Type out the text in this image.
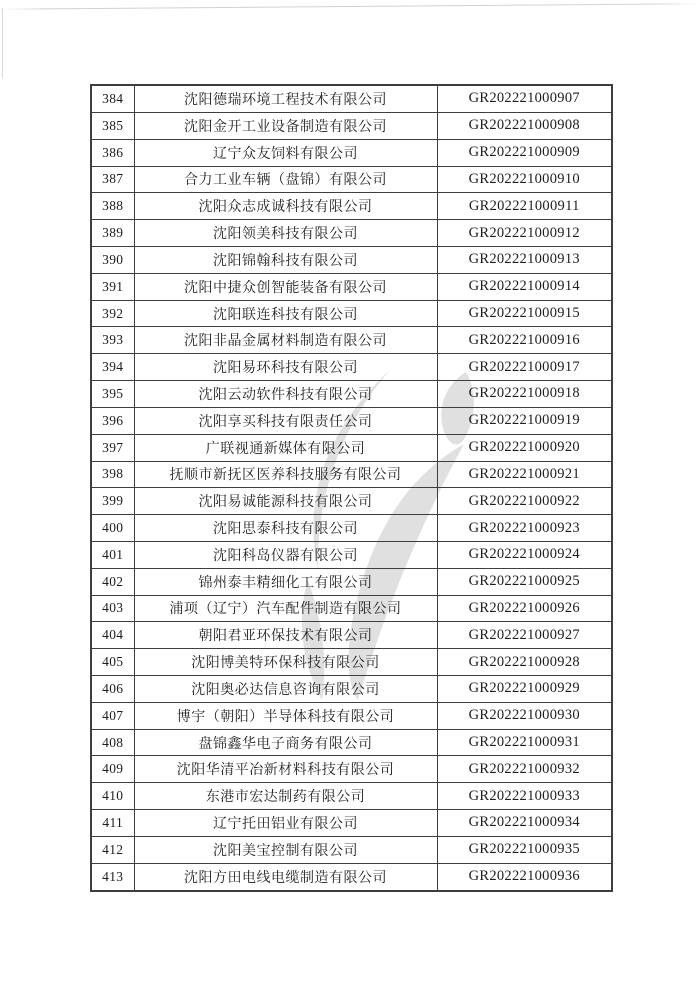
384	沈阳德瑞环境工程技术有限公司	GR202221000907
385	沈阳金开工业设备制造有限公司	GR202221000908
386	辽宁众友饲料有限公司	GR202221000909
387	合力工业车辆（盘锦）有限公司	GR202221000910
388	沈阳众志成诚科技有限公司	GR202221000911
389	沈阳领美科技有限公司	GR202221000912
390	沈阳锦翰科技有限公司	GR202221000913
391	沈阳中捷众创智能装备有限公司	GR202221000914
392	沈阳联连科技有限公司	GR202221000915
393	沈阳非晶金属材料制造有限公司	GR202221000916
394	沈阳易环科技有限公司	GR202221000917
395	沈阳云动软件科技有限公司	GR202221000918
396	沈阳享买科技有限责任公司	GR202221000919
397	广联视通新媒体有限公司	GR202221000920
398	抚顺市新抚区医养科技服务有限公司	GR202221000921
399	沈阳易诚能源科技有限公司	GR202221000922
400	沈阳思泰科技有限公司	GR202221000923
401	沈阳科岛仪器有限公司	GR202221000924
402	锦州泰丰精细化工有限公司	GR202221000925
403	浦项（辽宁）汽车配件制造有限公司	GR202221000926
404	朝阳君亚环保技术有限公司	GR202221000927
405	沈阳博美特环保科技有限公司	GR202221000928
406	沈阳奥必达信息咨询有限公司	GR202221000929
407	博宇（朝阳）半导体科技有限公司	GR202221000930
408	盘锦鑫华电子商务有限公司	GR202221000931
409	沈阳华清平冶新材料科技有限公司	GR202221000932
410	东港市宏达制药有限公司	GR202221000933
411	辽宁托田铝业有限公司	GR202221000934
412	沈阳美宝控制有限公司	GR202221000935
413	沈阳方田电线电缆制造有限公司	GR202221000936
